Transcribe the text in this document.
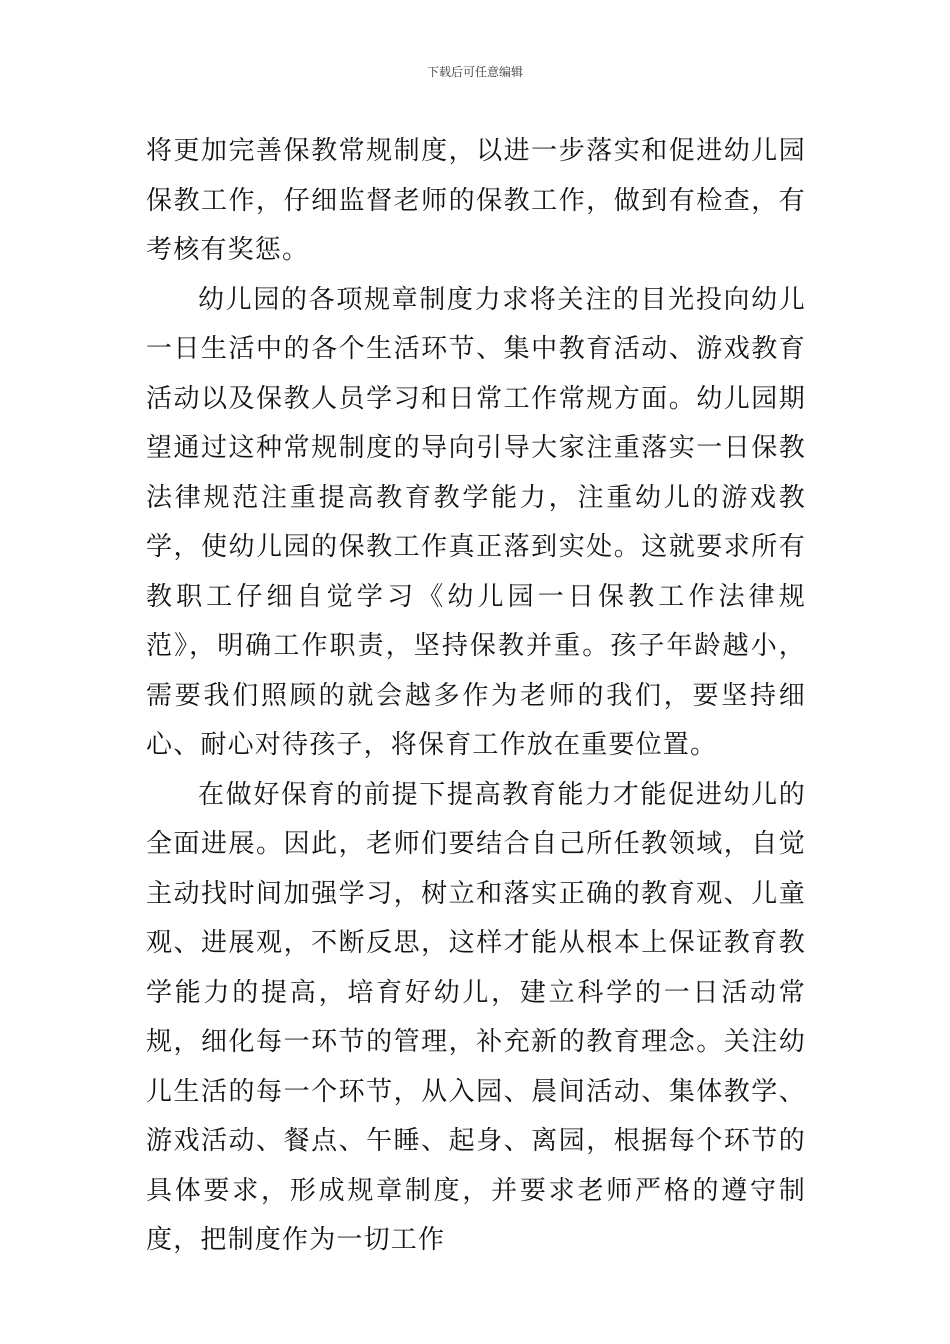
下载后可任意编辑

将更加完善保教常规制度，以进一步落实和促进幼儿园保教工作，仔细监督老师的保教工作，做到有检查，有考核有奖惩。

幼儿园的各项规章制度力求将关注的目光投向幼儿一日生活中的各个生活环节、集中教育活动、游戏教育活动以及保教人员学习和日常工作常规方面。幼儿园期望通过这种常规制度的导向引导大家注重落实一日保教法律规范注重提高教育教学能力，注重幼儿的游戏教学，使幼儿园的保教工作真正落到实处。这就要求所有教职工仔细自觉学习《幼儿园一日保教工作法律规范》，明确工作职责，坚持保教并重。孩子年龄越小，需要我们照顾的就会越多作为老师的我们，要坚持细心、耐心对待孩子，将保育工作放在重要位置。

在做好保育的前提下提高教育能力才能促进幼儿的全面进展。因此，老师们要结合自己所任教领域，自觉主动找时间加强学习，树立和落实正确的教育观、儿童观、进展观，不断反思，这样才能从根本上保证教育教学能力的提高，培育好幼儿，建立科学的一日活动常规，细化每一环节的管理，补充新的教育理念。关注幼儿生活的每一个环节，从入园、晨间活动、集体教学、游戏活动、餐点、午睡、起身、离园，根据每个环节的具体要求，形成规章制度，并要求老师严格的遵守制度，把制度作为一切工作
